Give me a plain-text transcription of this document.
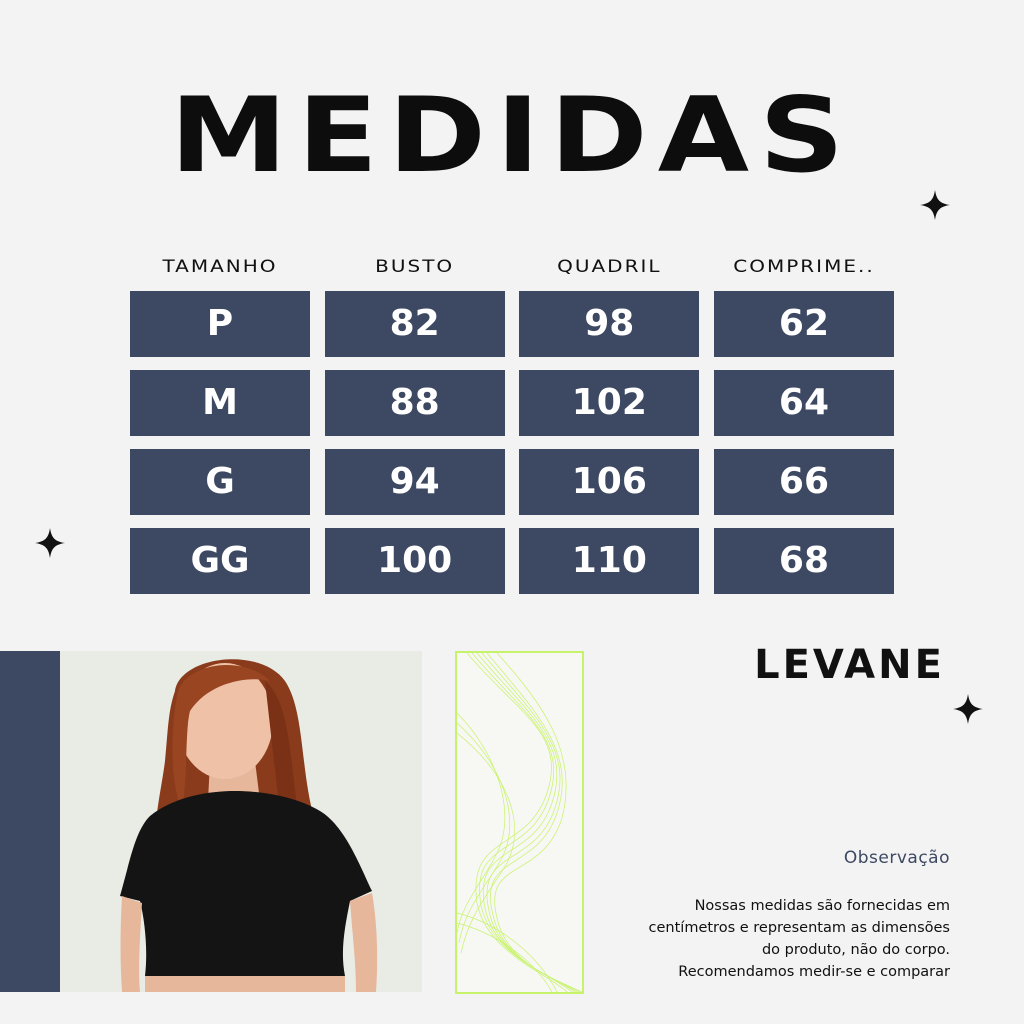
MEDIDAS
TAMANHO	BUSTO	QUADRIL	COMPRIME..
P	82	98	62
M	88	102	64
G	94	106	66
GG	100	110	68
LEVANE
Observação
Nossas medidas são fornecidas em
centímetros e representam as dimensões
do produto, não do corpo.
Recomendamos medir-se e comparar
